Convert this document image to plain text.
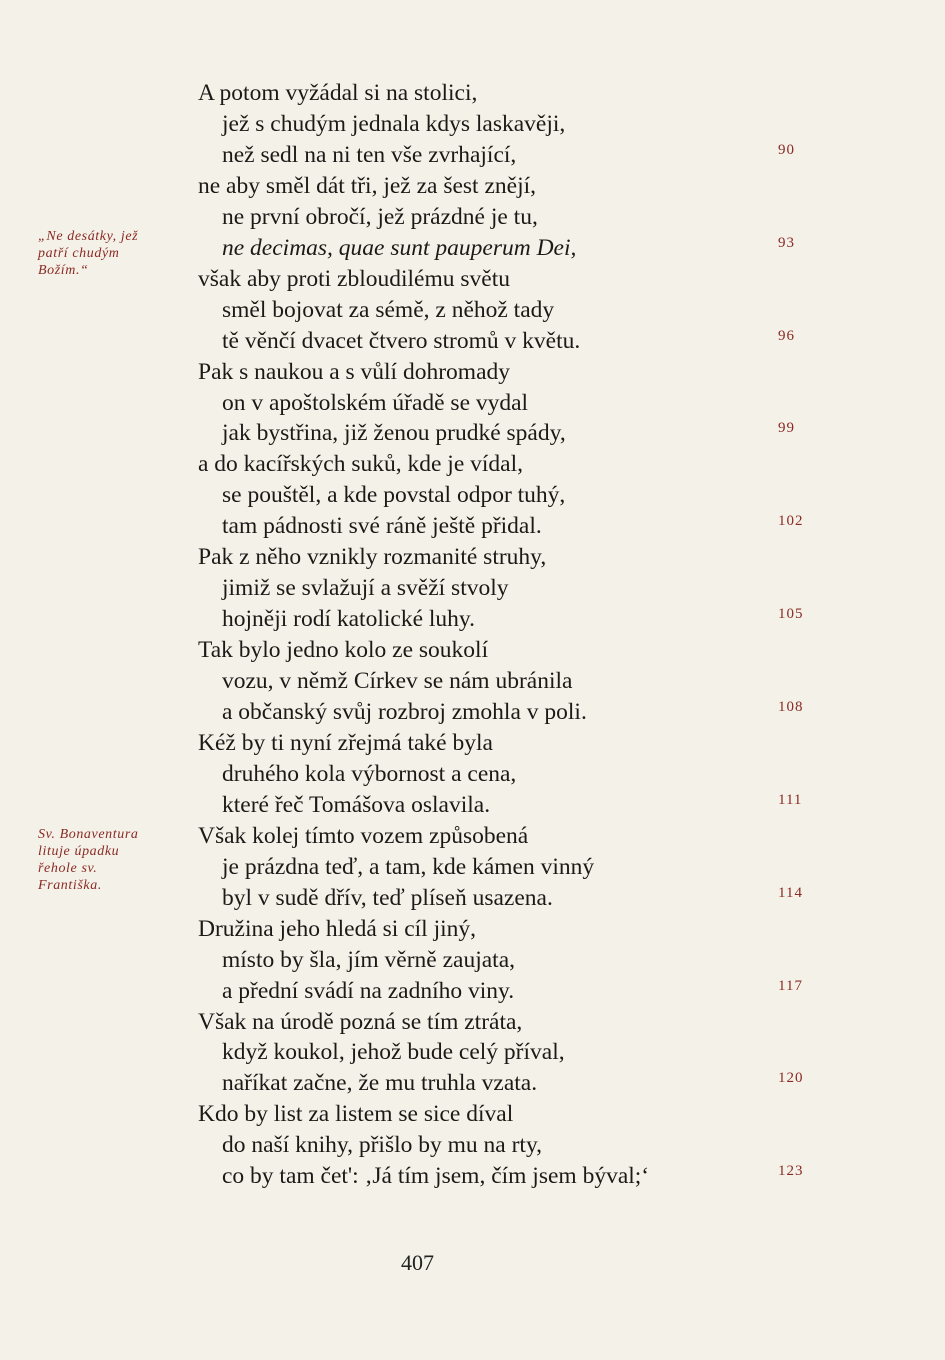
A potom vyžádal si na stolici,
jež s chudým jednala kdys laskavěji,
než sedl na ni ten vše zvrhající,
ne aby směl dát tři, jež za šest znějí,
ne první obročí, jež prázdné je tu,
ne decimas, quae sunt pauperum Dei,
však aby proti zbloudilému světu
směl bojovat za sémě, z něhož tady
tě věnčí dvacet čtvero stromů v květu.
Pak s naukou a s vůlí dohromady
on v apoštolském úřadě se vydal
jak bystřina, již ženou prudké spády,
a do kacířských suků, kde je vídal,
se pouštěl, a kde povstal odpor tuhý,
tam pádnosti své ráně ještě přidal.
Pak z něho vznikly rozmanité struhy,
jimiž se svlažují a svěží stvoly
hojněji rodí katolické luhy.
Tak bylo jedno kolo ze soukolí
vozu, v němž Církev se nám ubránila
a občanský svůj rozbroj zmohla v poli.
Kéž by ti nyní zřejmá také byla
druhého kola výbornost a cena,
které řeč Tomášova oslavila.
Však kolej tímto vozem způsobená
je prázdna teď, a tam, kde kámen vinný
byl v sudě dřív, teď plíseň usazena.
Družina jeho hledá si cíl jiný,
místo by šla, jím věrně zaujata,
a přední svádí na zadního viny.
Však na úrodě pozná se tím ztráta,
když koukol, jehož bude celý příval,
naříkat začne, že mu truhla vzata.
Kdo by list za listem se sice díval
do naší knihy, přišlo by mu na rty,
co by tam čet': ‚Já tím jsem, čím jsem býval;‘
90
93
96
99
102
105
108
111
114
117
120
123
„Ne desátky, jež
patří chudým
Božím.“
Sv. Bonaventura
lituje úpadku
řehole sv.
Františka.
407
